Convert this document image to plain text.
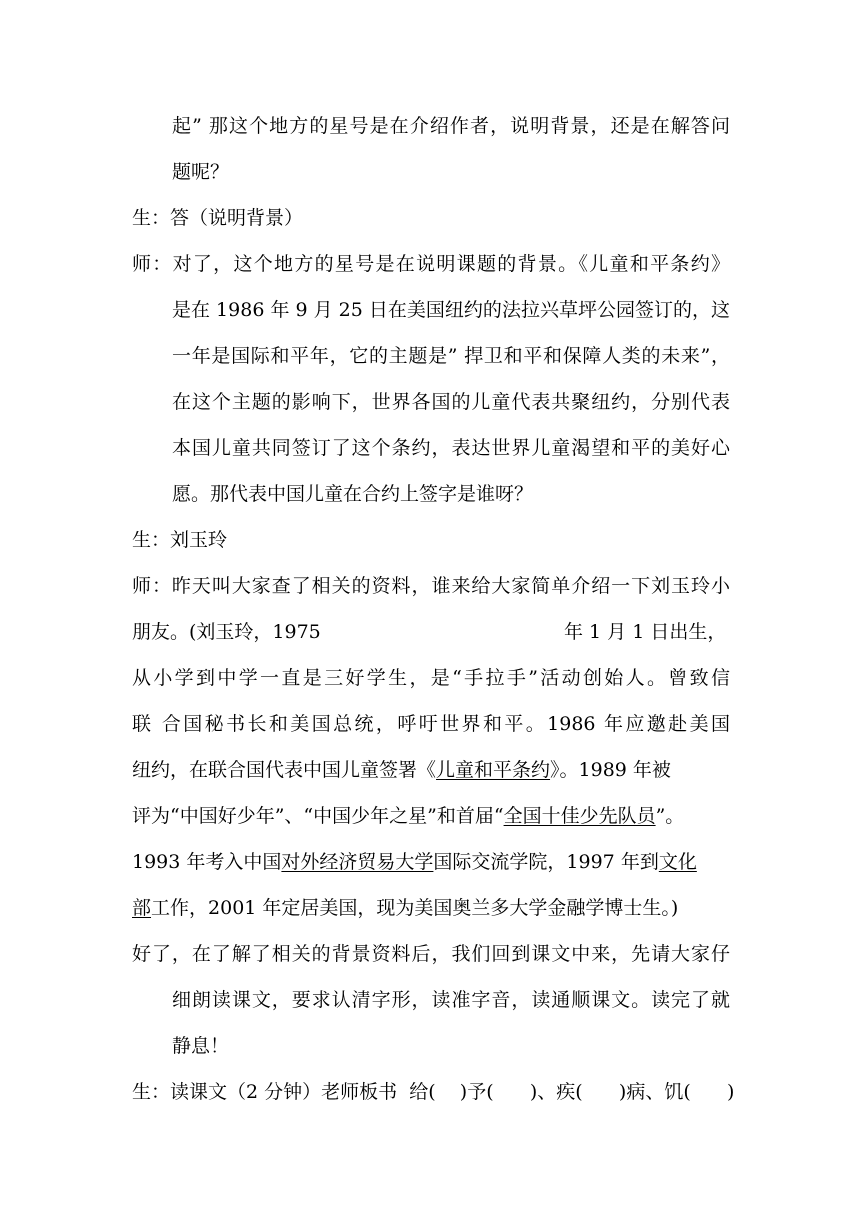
起” 那这个地方的星号是在介绍作者，说明背景，还是在解答问
题呢？
生：答（说明背景）
师：对了，这个地方的星号是在说明课题的背景。《儿童和平条约》
是在 1986 年 9 月 25 日在美国纽约的法拉兴草坪公园签订的，这
一年是国际和平年，它的主题是” 捍卫和平和保障人类的未来”，
在这个主题的影响下，世界各国的儿童代表共聚纽约，分别代表
本国儿童共同签订了这个条约，表达世界儿童渴望和平的美好心
愿。那代表中国儿童在合约上签字是谁呀？
生：刘玉玲
师：昨天叫大家查了相关的资料，谁来给大家简单介绍一下刘玉玲小
朋友。(刘玉玲，1975	年 1 月 1 日出生，
从小学到中学一直是三好学生，是“手拉手”活动创始人。曾致信
联 合国秘书长和美国总统，呼吁世界和平。1986 年应邀赴美国
纽约，在联合国代表中国儿童签署《儿童和平条约》。1989 年被
评为“中国好少年”、“中国少年之星”和首届“全国十佳少先队员”。
1993 年考入中国对外经济贸易大学国际交流学院，1997 年到文化
部工作，2001 年定居美国，现为美国奥兰多大学金融学博士生。)
好了，在了解了相关的背景资料后，我们回到课文中来，先请大家仔
细朗读课文，要求认清字形，读准字音，读通顺课文。读完了就
静息！
生：读课文（2 分钟）老师板书  给(    )予(      )、疾(      )病、饥(      )
